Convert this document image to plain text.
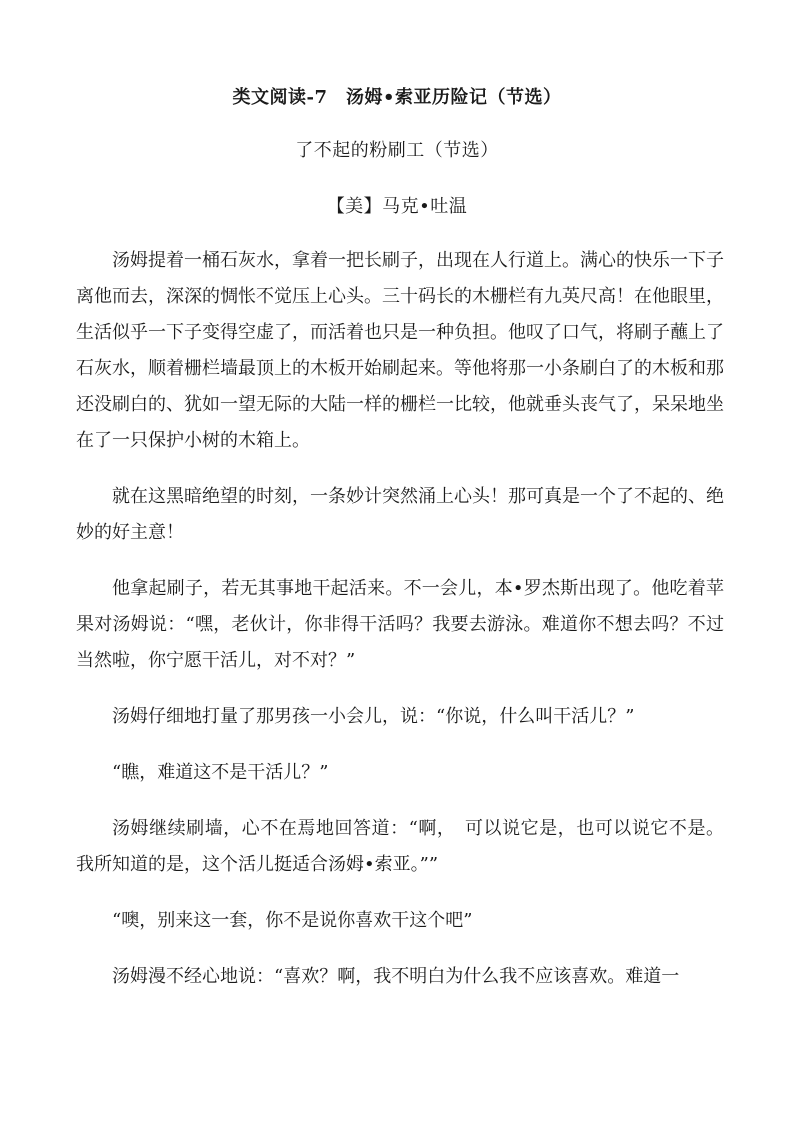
类文阅读-7　汤姆•索亚历险记（节选）
了不起的粉刷工（节选）
【美】马克•吐温

汤姆提着一桶石灰水，拿着一把长刷子，出现在人行道上。满心的快乐一下子离他而去，深深的惆怅不觉压上心头。三十码长的木栅栏有九英尺高！在他眼里，生活似乎一下子变得空虚了，而活着也只是一种负担。他叹了口气，将刷子蘸上了石灰水，顺着栅栏墙最顶上的木板开始刷起来。等他将那一小条刷白了的木板和那还没刷白的、犹如一望无际的大陆一样的栅栏一比较，他就垂头丧气了，呆呆地坐在了一只保护小树的木箱上。

就在这黑暗绝望的时刻，一条妙计突然涌上心头！那可真是一个了不起的、绝妙的好主意！

他拿起刷子，若无其事地干起活来。不一会儿，本•罗杰斯出现了。他吃着苹果对汤姆说：“嘿，老伙计，你非得干活吗？我要去游泳。难道你不想去吗？不过当然啦，你宁愿干活儿，对不对？”

汤姆仔细地打量了那男孩一小会儿，说：“你说，什么叫干活儿？”

“瞧，难道这不是干活儿？”

汤姆继续刷墙，心不在焉地回答道：“啊，　可以说它是，也可以说它不是。我所知道的是，这个活儿挺适合汤姆•索亚。””

“噢，别来这一套，你不是说你喜欢干这个吧”

汤姆漫不经心地说：“喜欢？啊，我不明白为什么我不应该喜欢。难道一
